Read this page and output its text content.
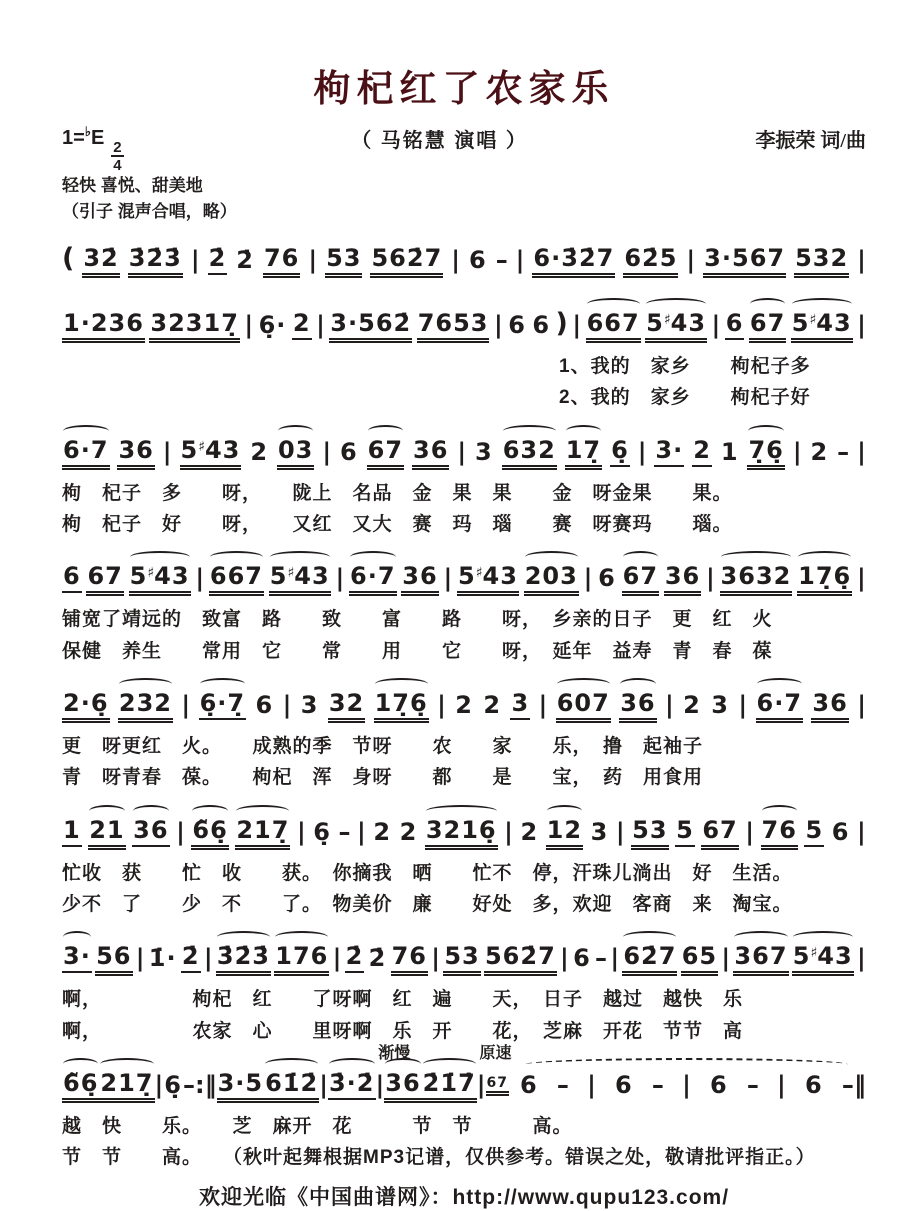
枸杞红了农家乐
1=♭E
$\frac{2}{4}$	（ 马铭慧 演唱 ）	李振荣 词/曲
轻快 喜悦、甜美地
（引子 混声合唱，略）
( 32̇ 3̇2̇3̇ | 2̇ 2̇ 76 | 53 562̇7 | 6 – | 6·3̇2̇7 62̇5 | 3·567 532 |
1·236 32317̣ | 6̣· 2 | 3·562̇ 7653 | 6 6 ) | 667 5♯43 | 6 67 5♯43 |
1、我的　家乡　　枸杞子多
2、我的　家乡　　枸杞子好
6·7 36 | 5♯43 2 03 | 6 67 36 | 3 632 17̣ 6̣ | 3· 2 1 7̣6̣ | 2 – |
枸　杞子　多　　呀，　　陇上　名品　金　果　果　　金　呀金果　　果。
枸　杞子　好　　呀，　　又红　又大　赛　玛　瑙　　赛　呀赛玛　　瑙。
6 67 5♯43 | 667 5♯43 | 6·7 36 | 5♯43 203 | 6 67 36 | 3632 17̣6̣ |
铺宽了靖远的　致富　路　　致　　富　　路　　呀，　乡亲的日子　更　红　火
保健　养生　　常用　它　　常　　用　　它　　呀，　延年　益寿　青　春　葆
2·6̣ 232 | 6̣·7̣ 6 | 3 32 17̣6̣ | 2 2 3 | 607 36 | 2 3 | 6·7 36 |
更　呀更红　火。　　成熟的季　节呀　　农　　家　　乐，　撸　起袖子
青　呀青春　葆。　　枸杞　浑　身呀　　都　　是　　宝，　药　用食用
1 21 36 | 6̃6̣ 217̣ | 6̣ – | 2 2 3216̣ | 2 12 3 | 53 5 67 | 76 5 6 |
忙收　获　　忙　收　　获。　你摘我　晒　　忙不　停，汗珠儿淌出　好　生活。
少不　了　　少　不　　了。　物美价　廉　　好处　多，欢迎　客商　来　淘宝。
3· 56 | 1̇· 2̇ | 3̇2̇3̇ 176 | 2̇ 2̇ 76 | 53 562̇7 | 6 – | 62̇7 65 | 367 5♯43 |
啊，　　　　　枸杞　红　　了呀啊　红　遍　　天，　日子　越过　越快　乐
啊，　　　　　农家　心　　里呀啊　乐　开　　花，　芝麻　开花　节节　高
6̃6̣ 217̣ | 6̣ – :‖ 3·5 61̇2̇ | 3̇·2̇ |
渐慢
36 2̇1̇7̇ |
原速
67 6 – | 6 – | 6 – | 6 – ‖
越　快　　乐。　　芝　麻开　花　　　节　节　　　高。
节　节　　高。　　（秋叶起舞根据MP3记谱，仅供参考。错误之处，敬请批评指正。）
欢迎光临《中国曲谱网》：http://www.qupu123.com/
